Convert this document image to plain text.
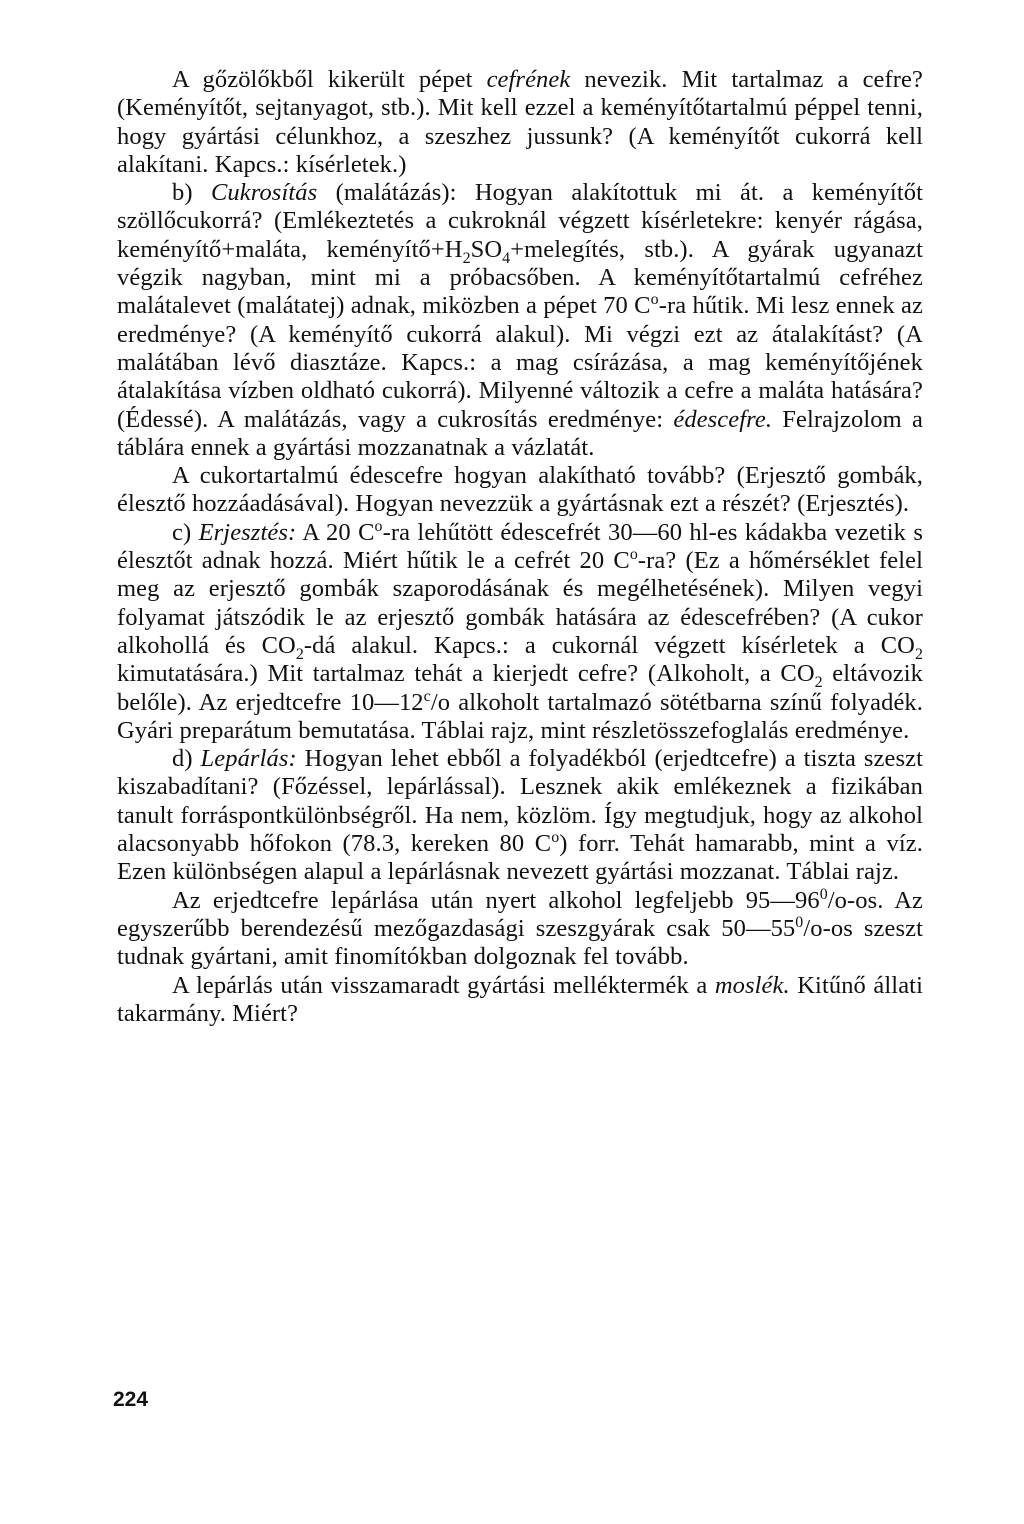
A gőzölőkből kikerült pépet cefrének nevezik. Mit tartalmaz a cefre? (Keményítőt, sejtanyagot, stb.). Mit kell ezzel a keményítőtartalmú péppel tenni, hogy gyártási célunkhoz, a szeszhez jussunk? (A keményítőt cukorrá kell alakítani. Kapcs.: kísérletek.)

b) Cukrosítás (malátázás): Hogyan alakítottuk mi át. a keményítőt szöllőcukorrá? (Emlékeztetés a cukroknál végzett kísérletekre: kenyér rágása, keményítő+maláta, $keményítő+H_2SO_4+melegítés$, stb.). A gyárak ugyanazt végzik nagyban, mint mi a próbacsőben. A keményítőtartalmú cefréhez malátalevet (malátatej) adnak, miközben a pépet 70 $C^o-ra$ hűtik. Mi lesz ennek az eredménye? (A keményítő cukorrá alakul). Mi végzi ezt az átalakítást? (A malátában lévő diasztáze. Kapcs.: a mag csírázása, a mag keményítőjének átalakítása vízben oldható cukorrá). Milyenné változik a cefre a maláta hatására? (Édessé). A malátázás, vagy a cukrosítás eredménye: édescefre. Felrajzolom a táblára ennek a gyártási mozzanatnak a vázlatát.

A cukortartalmú édescefre hogyan alakítható tovább? (Erjesztő gombák, élesztő hozzáadásával). Hogyan nevezzük a gyártásnak ezt a részét? (Erjesztés).

c) Erjesztés: A 20 $C^o-ra$ lehűtött édescefrét 30—60 hl-es kádakba vezetik s élesztőt adnak hozzá. Miért hűtik le a cefrét 20 $C^o-ra$? (Ez a hőmérséklet felel meg az erjesztő gombák szaporodásának és megélhetésének). Milyen vegyi folyamat játszódik le az erjesztő gombák hatására az édescefrében? (A cukor alkohollá és $CO_2-dá$ alakul. Kapcs.: a cukornál végzett kísérletek a $CO_2$ kimutatására.) Mit tartalmaz tehát a kierjedt cefre? (Alkoholt, a $CO_2$ eltávozik belőle). Az erjedtcefre 10—12$^c$/o alkoholt tartalmazó sötétbarna színű folyadék. Gyári preparátum bemutatása. Táblai rajz, mint részletösszefoglalás eredménye.

d) Lepárlás: Hogyan lehet ebből a folyadékból (erjedtcefre) a tiszta szeszt kiszabadítani? (Főzéssel, lepárlással). Lesznek akik emlékeznek a fizikában tanult forráspontkülönbségről. Ha nem, közlöm. Így megtudjuk, hogy az alkohol alacsonyabb hőfokon (78.3, kereken 80 $C^o$) forr. Tehát hamarabb, mint a víz. Ezen különbségen alapul a lepárlásnak nevezett gyártási mozzanat. Táblai rajz.

Az erjedtcefre lepárlása után nyert alkohol legfeljebb $95—96^0/o-os$. Az egyszerűbb berendezésű mezőgazdasági szeszgyárak csak $50—55^0/o-os$ szeszt tudnak gyártani, amit finomítókban dolgoznak fel tovább.

A lepárlás után visszamaradt gyártási melléktermék a moslék. Kitűnő állati takarmány. Miért?

224
